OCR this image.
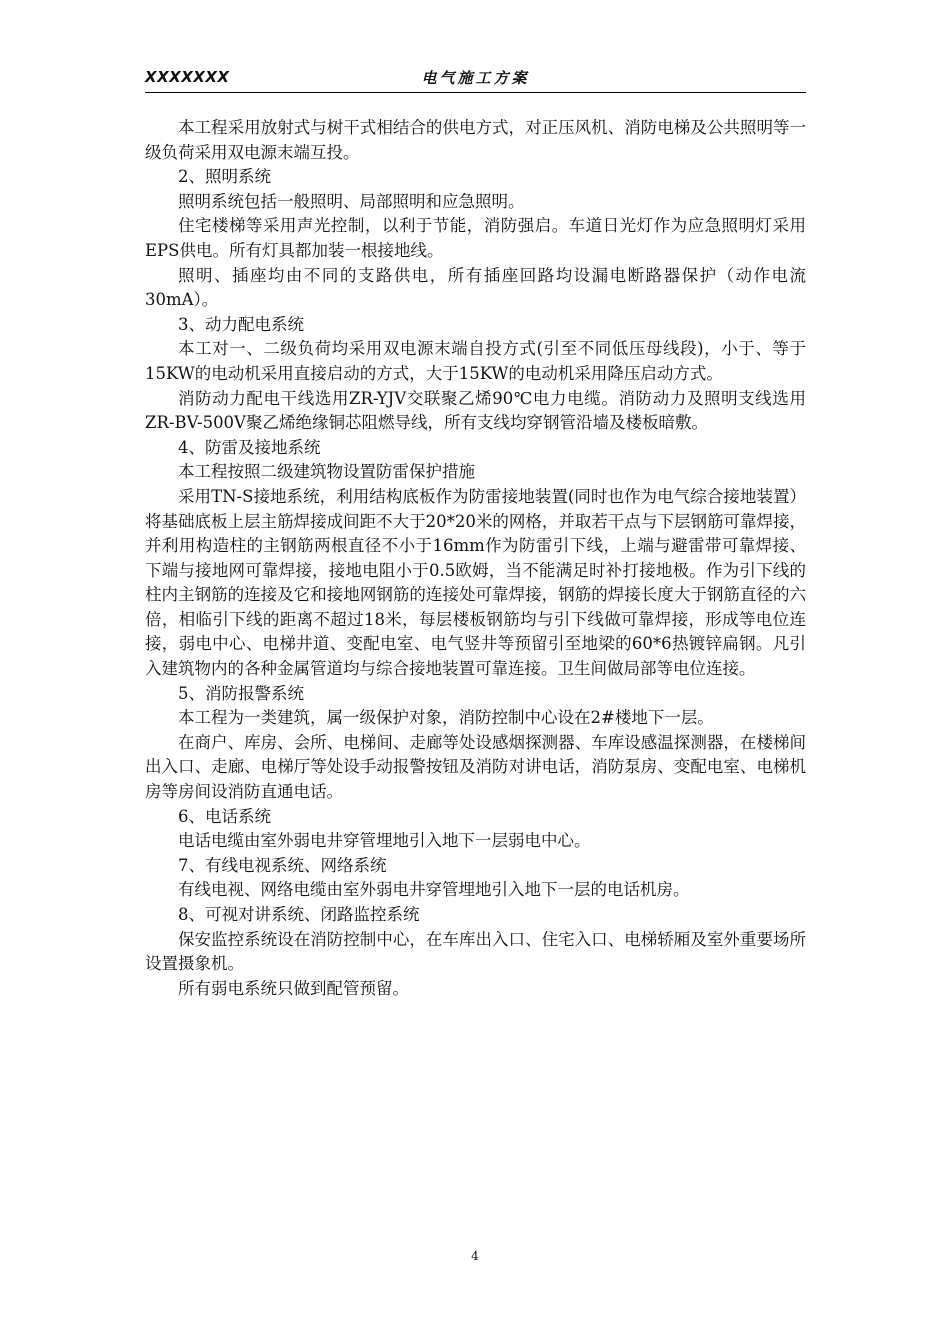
XXXXXXX	电气施工方案

本工程采用放射式与树干式相结合的供电方式，对正压风机、消防电梯及公共照明等一级负荷采用双电源末端互投。

2、照明系统

照明系统包括一般照明、局部照明和应急照明。

住宅楼梯等采用声光控制，以利于节能，消防强启。车道日光灯作为应急照明灯采用EPS供电。所有灯具都加装一根接地线。

照明、插座均由不同的支路供电，所有插座回路均设漏电断路器保护（动作电流30mA）。

3、动力配电系统

本工对一、二级负荷均采用双电源末端自投方式(引至不同低压母线段)，小于、等于15KW的电动机采用直接启动的方式，大于15KW的电动机采用降压启动方式。

消防动力配电干线选用ZR-YJV交联聚乙烯90℃电力电缆。消防动力及照明支线选用ZR-BV-500V聚乙烯绝缘铜芯阻燃导线，所有支线均穿钢管沿墙及楼板暗敷。

4、防雷及接地系统

本工程按照二级建筑物设置防雷保护措施

采用TN-S接地系统，利用结构底板作为防雷接地装置(同时也作为电气综合接地装置）将基础底板上层主筋焊接成间距不大于20*20米的网格，并取若干点与下层钢筋可靠焊接，并利用构造柱的主钢筋两根直径不小于16mm作为防雷引下线，上端与避雷带可靠焊接、下端与接地网可靠焊接，接地电阻小于0.5欧姆，当不能满足时补打接地极。作为引下线的柱内主钢筋的连接及它和接地网钢筋的连接处可靠焊接，钢筋的焊接长度大于钢筋直径的六倍，相临引下线的距离不超过18米，每层楼板钢筋均与引下线做可靠焊接，形成等电位连接，弱电中心、电梯井道、变配电室、电气竖井等预留引至地梁的60*6热镀锌扁钢。凡引入建筑物内的各种金属管道均与综合接地装置可靠连接。卫生间做局部等电位连接。

5、消防报警系统

本工程为一类建筑，属一级保护对象，消防控制中心设在2#楼地下一层。

在商户、库房、会所、电梯间、走廊等处设感烟探测器、车库设感温探测器，在楼梯间出入口、走廊、电梯厅等处设手动报警按钮及消防对讲电话，消防泵房、变配电室、电梯机房等房间设消防直通电话。

6、电话系统

电话电缆由室外弱电井穿管埋地引入地下一层弱电中心。

7、有线电视系统、网络系统

有线电视、网络电缆由室外弱电井穿管埋地引入地下一层的电话机房。

8、可视对讲系统、闭路监控系统

保安监控系统设在消防控制中心，在车库出入口、住宅入口、电梯轿厢及室外重要场所设置摄象机。

所有弱电系统只做到配管预留。

4
